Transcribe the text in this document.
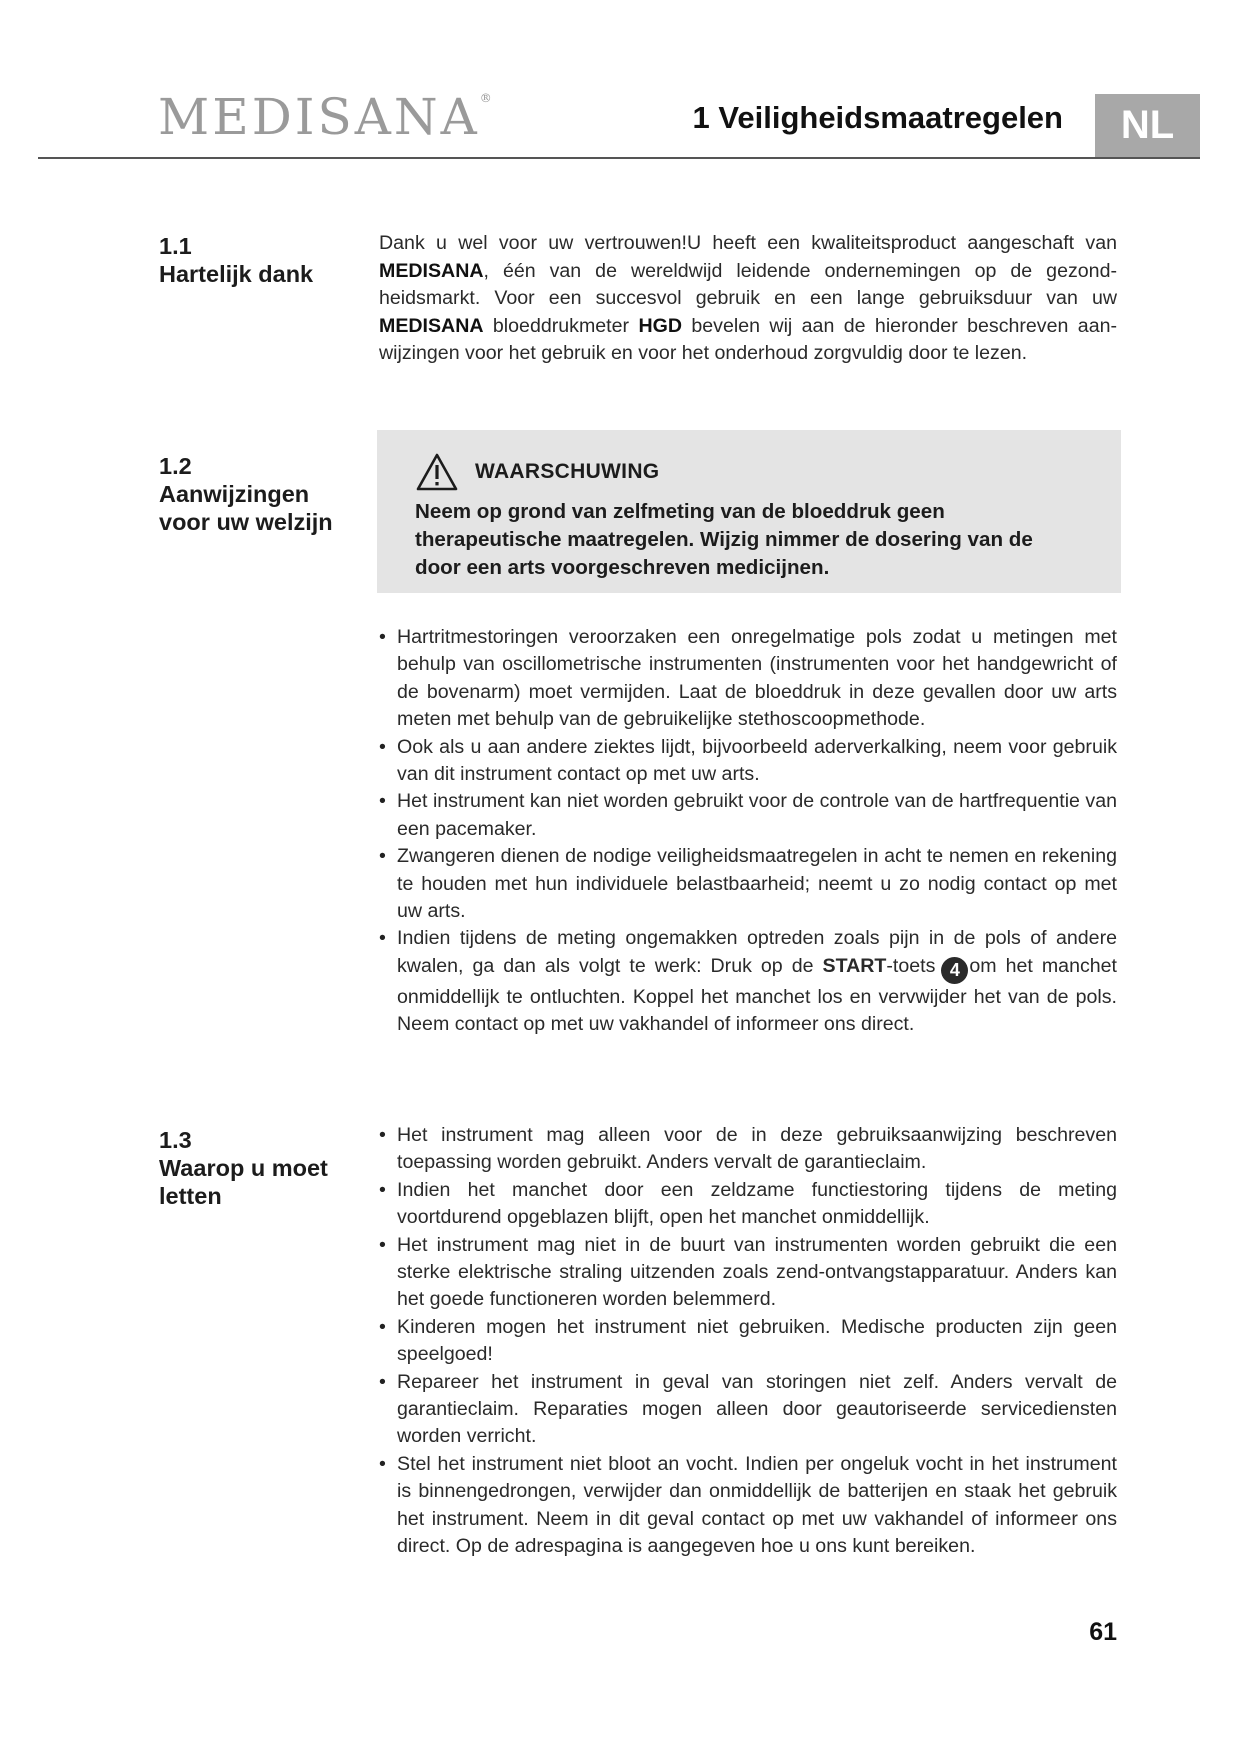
MEDISANA®
1 Veiligheidsmaatregelen	NL
1.1
Hartelijk dank
Dank u wel voor uw vertrouwen!U heeft een kwaliteitsproduct aangeschaft van MEDISANA, één van de wereldwijd leidende ondernemingen op de gezondheidsmarkt. Voor een succesvol gebruik en een lange gebruiksduur van uw MEDISANA bloeddrukmeter HGD bevelen wij aan de hieronder beschreven aanwijzingen voor het gebruik en voor het onderhoud zorgvuldig door te lezen.
1.2
Aanwijzingen
voor uw welzijn
WAARSCHUWING
Neem op grond van zelfmeting van de bloeddruk geen therapeutische maatregelen. Wijzig nimmer de dosering van de door een arts voorgeschreven medicijnen.
• Hartritmestoringen veroorzaken een onregelmatige pols zodat u metingen met behulp van oscillometrische instrumenten (instrumenten voor het handgewricht of de bovenarm) moet vermijden. Laat de bloeddruk in deze gevallen door uw arts meten met behulp van de gebruikelijke stethoscoopmethode.
• Ook als u aan andere ziektes lijdt, bijvoorbeeld aderverkalking, neem voor gebruik van dit instrument contact op met uw arts.
• Het instrument kan niet worden gebruikt voor de controle van de hartfrequentie van een pacemaker.
• Zwangeren dienen de nodige veiligheidsmaatregelen in acht te nemen en rekening te houden met hun individuele belastbaarheid; neemt u zo nodig contact op met uw arts.
• Indien tijdens de meting ongemakken optreden zoals pijn in de pols of andere kwalen, ga dan als volgt te werk: Druk op de START-toets 4 om het manchet onmiddellijk te ontluchten. Koppel het manchet los en vervwijder het van de pols. Neem contact op met uw vakhandel of informeer ons direct.
1.3
Waarop u moet
letten
• Het instrument mag alleen voor de in deze gebruiksaanwijzing beschreven toepassing worden gebruikt. Anders vervalt de garantieclaim.
• Indien het manchet door een zeldzame functiestoring tijdens de meting voortdurend opgeblazen blijft, open het manchet onmiddellijk.
• Het instrument mag niet in de buurt van instrumenten worden gebruikt die een sterke elektrische straling uitzenden zoals zend-ontvangstapparatuur. Anders kan het goede functioneren worden belemmerd.
• Kinderen mogen het instrument niet gebruiken. Medische producten zijn geen speelgoed!
• Repareer het instrument in geval van storingen niet zelf. Anders vervalt de garantieclaim. Reparaties mogen alleen door geautoriseerde servicediensten worden verricht.
• Stel het instrument niet bloot an vocht. Indien per ongeluk vocht in het instrument is binnengedrongen, verwijder dan onmiddellijk de batterijen en staak het gebruik het instrument. Neem in dit geval contact op met uw vakhandel of informeer ons direct. Op de adrespagina is aangegeven hoe u ons kunt bereiken.
61
